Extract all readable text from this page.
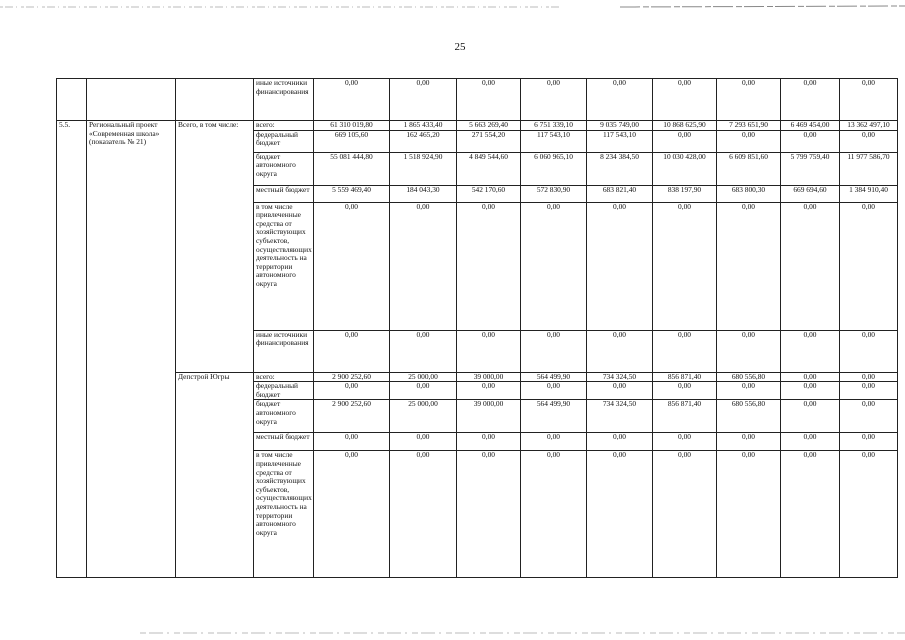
25
			иные источники финансирования	0,00	0,00	0,00	0,00	0,00	0,00	0,00	0,00	0,00

5.5.	Региональный проект «Современная школа» (показатель № 21)	Всего, в том числе:	всего:	61 310 019,80	1 865 433,40	5 663 269,40	6 751 339,10	9 035 749,00	10 868 625,90	7 293 651,90	6 469 454,00	13 362 497,10

			федеральный бюджет	669 105,60	162 465,20	271 554,20	117 543,10	117 543,10	0,00	0,00	0,00	0,00

			бюджет автономного округа	55 081 444,80	1 518 924,90	4 849 544,60	6 060 965,10	8 234 384,50	10 030 428,00	6 609 851,60	5 799 759,40	11 977 586,70

			местный бюджет	5 559 469,40	184 043,30	542 170,60	572 830,90	683 821,40	838 197,90	683 800,30	669 694,60	1 384 910,40

			в том числе привлеченные средства от хозяйствующих субъектов, осуществляющих деятельность на территории автономного округа	0,00	0,00	0,00	0,00	0,00	0,00	0,00	0,00	0,00

			иные источники финансирования	0,00	0,00	0,00	0,00	0,00	0,00	0,00	0,00	0,00

		Депстрой Югры	всего:	2 900 252,60	25 000,00	39 000,00	564 499,90	734 324,50	856 871,40	680 556,80	0,00	0,00

			федеральный бюджет	0,00	0,00	0,00	0,00	0,00	0,00	0,00	0,00	0,00

			бюджет автономного округа	2 900 252,60	25 000,00	39 000,00	564 499,90	734 324,50	856 871,40	680 556,80	0,00	0,00

			местный бюджет	0,00	0,00	0,00	0,00	0,00	0,00	0,00	0,00	0,00

			в том числе привлеченные средства от хозяйствующих субъектов, осуществляющих деятельность на территории автономного округа	0,00	0,00	0,00	0,00	0,00	0,00	0,00	0,00	0,00
